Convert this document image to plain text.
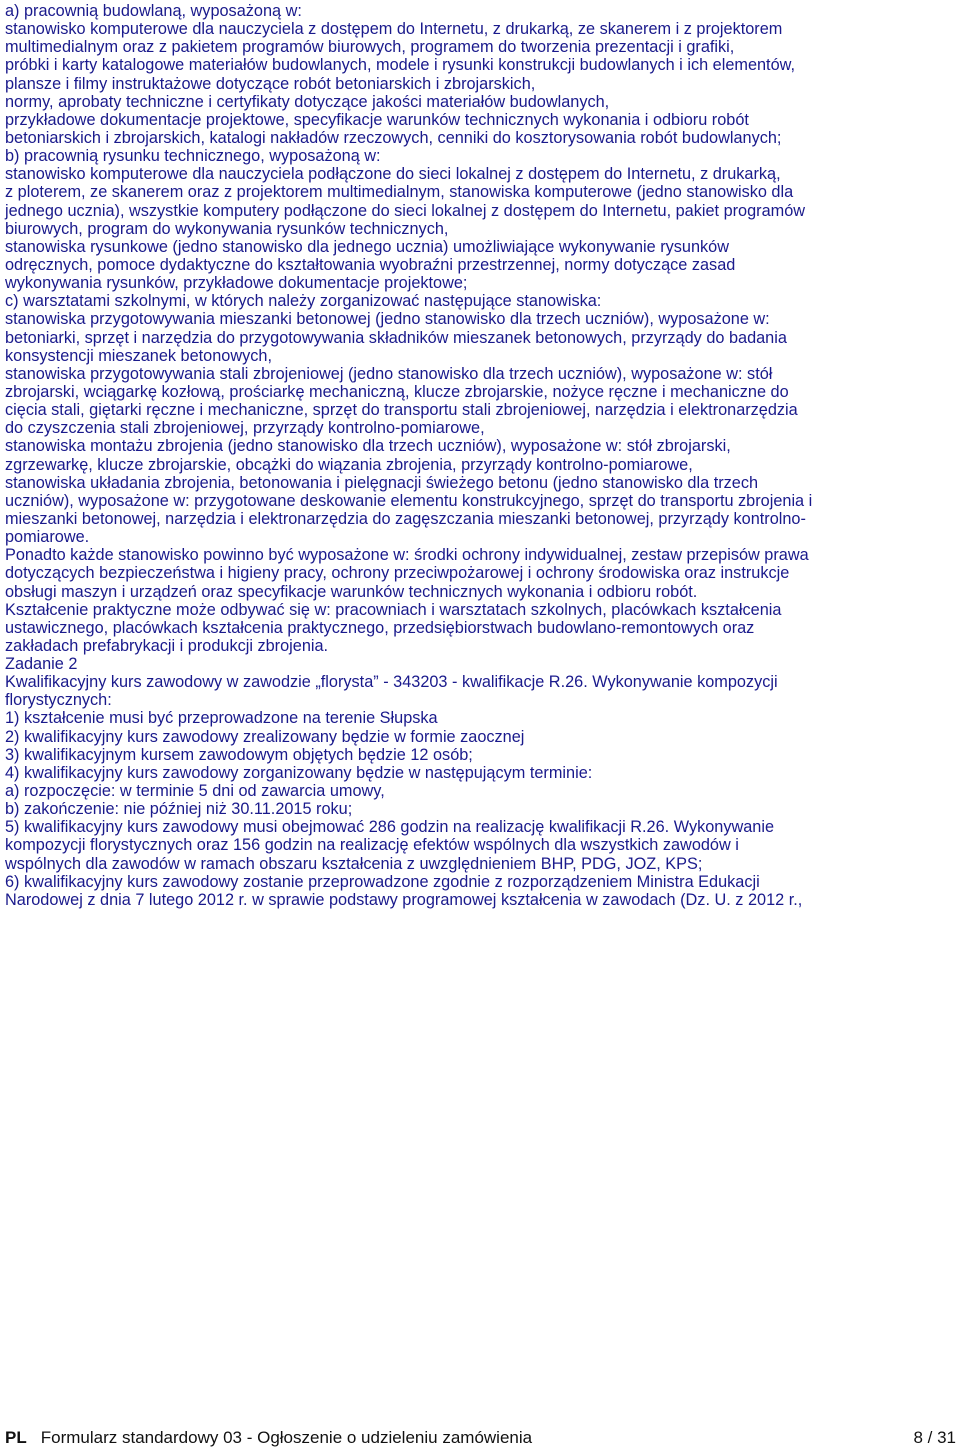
a) pracownią budowlaną, wyposażoną w:
stanowisko komputerowe dla nauczyciela z dostępem do Internetu, z drukarką, ze skanerem i z projektorem
multimedialnym oraz z pakietem programów biurowych, programem do tworzenia prezentacji i grafiki,
próbki i karty katalogowe materiałów budowlanych, modele i rysunki konstrukcji budowlanych i ich elementów,
plansze i filmy instruktażowe dotyczące robót betoniarskich i zbrojarskich,
normy, aprobaty techniczne i certyfikaty dotyczące jakości materiałów budowlanych,
przykładowe dokumentacje projektowe, specyfikacje warunków technicznych wykonania i odbioru robót
betoniarskich i zbrojarskich, katalogi nakładów rzeczowych, cenniki do kosztorysowania robót budowlanych;
b) pracownią rysunku technicznego, wyposażoną w:
stanowisko komputerowe dla nauczyciela podłączone do sieci lokalnej z dostępem do Internetu, z drukarką,
z ploterem, ze skanerem oraz z projektorem multimedialnym, stanowiska komputerowe (jedno stanowisko dla
jednego ucznia), wszystkie komputery podłączone do sieci lokalnej z dostępem do Internetu, pakiet programów
biurowych, program do wykonywania rysunków technicznych,
stanowiska rysunkowe (jedno stanowisko dla jednego ucznia) umożliwiające wykonywanie rysunków
odręcznych, pomoce dydaktyczne do kształtowania wyobraźni przestrzennej, normy dotyczące zasad
wykonywania rysunków, przykładowe dokumentacje projektowe;
c) warsztatami szkolnymi, w których należy zorganizować następujące stanowiska:
stanowiska przygotowywania mieszanki betonowej (jedno stanowisko dla trzech uczniów), wyposażone w:
betoniarki, sprzęt i narzędzia do przygotowywania składników mieszanek betonowych, przyrządy do badania
konsystencji mieszanek betonowych,
stanowiska przygotowywania stali zbrojeniowej (jedno stanowisko dla trzech uczniów), wyposażone w: stół
zbrojarski, wciągarkę kozłową, prościarkę mechaniczną, klucze zbrojarskie, nożyce ręczne i mechaniczne do
cięcia stali, giętarki ręczne i mechaniczne, sprzęt do transportu stali zbrojeniowej, narzędzia i elektronarzędzia
do czyszczenia stali zbrojeniowej, przyrządy kontrolno-pomiarowe,
stanowiska montażu zbrojenia (jedno stanowisko dla trzech uczniów), wyposażone w: stół zbrojarski,
zgrzewarkę, klucze zbrojarskie, obcążki do wiązania zbrojenia, przyrządy kontrolno-pomiarowe,
stanowiska układania zbrojenia, betonowania i pielęgnacji świeżego betonu (jedno stanowisko dla trzech
uczniów), wyposażone w: przygotowane deskowanie elementu konstrukcyjnego, sprzęt do transportu zbrojenia i
mieszanki betonowej, narzędzia i elektronarzędzia do zagęszczania mieszanki betonowej, przyrządy kontrolno-
pomiarowe.
Ponadto każde stanowisko powinno być wyposażone w: środki ochrony indywidualnej, zestaw przepisów prawa
dotyczących bezpieczeństwa i higieny pracy, ochrony przeciwpożarowej i ochrony środowiska oraz instrukcje
obsługi maszyn i urządzeń oraz specyfikacje warunków technicznych wykonania i odbioru robót.
Kształcenie praktyczne może odbywać się w: pracowniach i warsztatach szkolnych, placówkach kształcenia
ustawicznego, placówkach kształcenia praktycznego, przedsiębiorstwach budowlano-remontowych oraz
zakładach prefabrykacji i produkcji zbrojenia.
Zadanie 2
Kwalifikacyjny kurs zawodowy w zawodzie „florysta” - 343203 - kwalifikacje R.26. Wykonywanie kompozycji
florystycznych:
1) kształcenie musi być przeprowadzone na terenie Słupska
2) kwalifikacyjny kurs zawodowy zrealizowany będzie w formie zaocznej
3) kwalifikacyjnym kursem zawodowym objętych będzie 12 osób;
4) kwalifikacyjny kurs zawodowy zorganizowany będzie w następującym terminie:
a) rozpoczęcie: w terminie 5 dni od zawarcia umowy,
b) zakończenie: nie później niż 30.11.2015 roku;
5) kwalifikacyjny kurs zawodowy musi obejmować 286 godzin na realizację kwalifikacji R.26. Wykonywanie
kompozycji florystycznych oraz 156 godzin na realizację efektów wspólnych dla wszystkich zawodów i
wspólnych dla zawodów w ramach obszaru kształcenia z uwzględnieniem BHP, PDG, JOZ, KPS;
6) kwalifikacyjny kurs zawodowy zostanie przeprowadzone zgodnie z rozporządzeniem Ministra Edukacji
Narodowej z dnia 7 lutego 2012 r. w sprawie podstawy programowej kształcenia w zawodach (Dz. U. z 2012 r.,
PL Formularz standardowy 03 - Ogłoszenie o udzieleniu zamówienia	8 / 31
